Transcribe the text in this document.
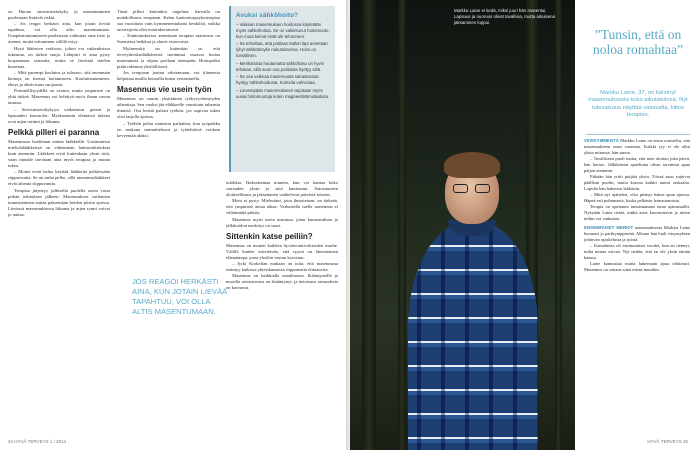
sa. Huono stressinsietokyky ja masentuminen puolestaan lisäävät riskiä.

– Jos reagoi herkästi aina, kun jotain lievää tapahtuu, voi olla altis masentumaan. Unopäsmuutumiseen puolestaan vaikuttaa oma tieto ja asenne, mutta tottuminen välillä estyy.

Hyvä lähiesten verkosto, johon voi vaikeuksissa tukeutua, on tärkeä suoja. Lähipiiri ei aina pysty korjaamaan sairautta, mutta se lievittää mielen kuormaa.

– Mitä parempi koulutus ja tulotaso, sitä enemmän keinoja on itsensä hoitamiseen. Kouluttautuminen, eheys ja aktiivisuus suojaavat.

Perinnöllisyydellä on osansa, mutta ympäristö on yhtä tärkeä. Masennus voi kehittyä myös ilman suvun taustaa.

– Stressinsietokykyyn vaikuttavat geenit ja lapsuuden kasvuolot. Myöhemmin elämässä tukena ovat arjen rutiinit ja liikunta.

Pelkkä pilleri ei paranna

Masennusta hoidetaan eniten lääkkeillä. Uusimmissa mielialalääkkeissä on vähemmän haittavaikutuksia kuin aiemmin. Lääkkeet eivät kuitenkaan yksin riitä, vaan rinnalle tarvitaan aina myös terapiaa ja muuta tukea.

– Monet eivät halua käyttää lääkkeitä pelätessään riippuvuutta. Se on turha pelko, sillä masennuslääkkeet eivät aiheuta riippuvuutta.

Terapiaa järjestyy julkisella puolella usein vasta pitkän odotuksen jälkeen. Masennuksen varhainen tunnistaminen auttaa pääsemään hoidon piiriin ajoissa. Lievässä masennuksessa liikunta ja arjen rytmi voivat jo auttaa.

Tässä pilleri kuitenkin ongelma: harvalla on mahdollisuus terapiaan. Kelan kuntoutuspsykoterapiaa saa vuosittain vain kymmenentuhatta henkilöä, vaikka tarvitsijoita olisi moninkertaisesti.

– Kuntoutuksessa ameettaan terapian saatavuus on Suomessa heikkoa ja alueet eriarvoisia.

Mylmenskä on kuitenkin se, että terveyskeskuslääkäreistä useimmat osaavat hoitaa masennusta ja ohjata potilaan eteenpäin. Hoitopolku pitää rakentaa yksilöllisesti.

Jos terapiaan joutuu odottamaan, voi tilannetta helpottaa muilla keinoilla kuten vertaistuella.

Masennus vie usein työn

Masennus on suurin yksittäinen työkyvyttömyyden aiheuttaja. Sen vuoksi jää eläkkeelle vuosittain tuhansia ihmisiä. Osa heistä palaisi työhön, jos sopivaa tukea olisi tarjolla ajoissa.

– Työhön paluu onnistuu parhaiten, kun työpaikka on mukana suunnittelussa ja työtehtäviä voidaan kevyentää aluksi.

JOS REAGOI HERKÄSTI AINA, KUN JOTAIN LIEVÄÄ TAPAHTUU, VOI OLLA ALTIS MASENTUMAAN.

tulokkia. Ikeksettamaa muuten, kun voi kantaa koko sairauden yksin ja siitä kuntoutuu. Sairastuneen aloitteellisuus ja jaksaminen vaihtelevat päivästä toiseen.

Moni ei pysty. Mielestäni, jotta ilmoitetaan, on tärkeää, että ympäristö antaa aikaa. Varhaisella tuella masennus ei välttämättä pitkity.

Masennus myös usein uusiutuu, joten kuntoutuksen ja jälkihoidon merkitys on suuri.

Sittenkin katse peiliin?

Masennus on monen kaikkea hyvinvointivaltioiden murhe. Välillä kuulee esitettävän, että syynä on länsimainen elämäntapa, jossa yksilön vastuu korostuu.

– Jyrki Korkeilan mukaan on totta, että masennusta esiintyy kaikissa yhteiskunnissa riippumatta elintasosta.

Masennus on kaikkialla maailmassa. Ikääntyneillä ja nuorilla sairastuvuus on lisääntynyt, ja tietoisuus sairaudesta on kasvanut.

Avuksi sähköhoito?

– Vaikean masennuksen hoidossa käytetään myös sähköhoitoa. Se on vakiintunut hoitomuoto, kun muut keinot eivät ole tehonneet.

– Se tehoittaa, että potilaan kallon läpi annetaan lyhyt sähköärsyke nukutuksessa. Hoito on turvallinen.

– Merikaisista huutamatta sähköhoito on hyvin tehokas, sillä suuri osa potilaista hyötyy siitä.

– Se osa vaikeaa masennusta sairastavista hyötyy sähköhoidosta, Korkeila vahvistaa.

– Lievempään masennukseen tarjotaan myös uusia hoitomuotoja kuten magneettistimulaatiota.

34 HYVÄ TERVEYS 1 / 2014
Markku Laine ei tiedä, miksi juuri hän masentui. Lapsuus ja nuoruus olivat tavallisia, mutta aikuisena jaksaminen loppui.
”Tunsin, että on noloa romahtaa”
Markku Laine, 37, on kärsinyt masennuksesta koko aikuisikänsä. Nyt tulevaisuus näyttää valoisalta, kiitos terapian.

VIISIKYMMENTÄ Markku Laine on ensin muisteltu, että masennukseen osasi varautua. Kaikki syy ei ole ollut yksin minussa, hän sanoo.

– Tavallisesti puoli tuntia, että tuen ulottuu joka päivä, hän kertoo. Jälkikäteen ajateltuna olisin tarvinnut apua paljon aiemmin.

Pitkään hän yritti pärjätä yksin. Töissä asiat sujuivat päällisin puolin, mutta kotona kaikki tuntui raskaalta. Lopulta hän hakeutui lääkäriin.

– Mitä nyt ajattelen, olisi pitänyt hakea apua ajoissa. Häpeä esti puhumasta, koska pelkäsin leimautumista.

Terapia on opettanut tunnistamaan omat ajatusmallit. Nykyään Laine tietää, mitkä asiat kuormittavat ja miten niihin voi vaikuttaa.

ENSIMMÄISET MERKIT masennuksesta Markku Laine huomasi jo parikymppisenä. Alkuun hän luuli väsymyksen johtuvan opiskelusta ja työstä.

– Kamaluista oli ensimmäiset vuodet, kun en tiennyt, mikä minua vaivaa. Nyt tiedän, että en ole yksin tämän kanssa.

Laine kannustaa muita hakemaan apua rohkeasti. Masennus on sairaus siinä missä muutkin.

HYVÄ TERVEYS 35
